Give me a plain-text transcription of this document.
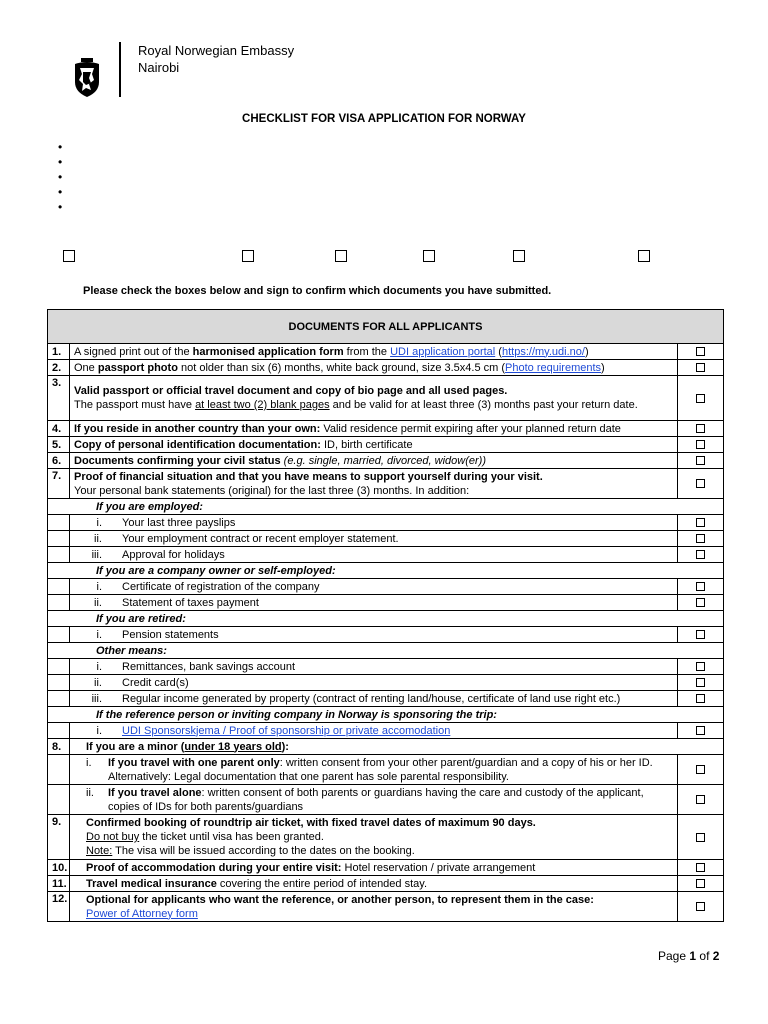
Royal Norwegian Embassy
Nairobi
CHECKLIST FOR VISA APPLICATION FOR NORWAY
•
•
•
•
•
Please check the boxes below and sign to confirm which documents you have submitted.
DOCUMENTS FOR ALL APPLICANTS		
1.	A signed print out of the harmonised application form from the UDI application portal (https://my.udi.no/)	
2.	One passport photo not older than six (6) months, white back ground, size 3.5x4.5 cm (Photo requirements)	
3.	Valid passport or official travel document and copy of bio page and all used pages.
The passport must have at least two (2) blank pages and be valid for at least three (3) months past your return date.	
4.	If you reside in another country than your own: Valid residence permit expiring after your planned return date	
5.	Copy of personal identification documentation: ID, birth certificate	
6.	Documents confirming your civil status (e.g. single, married, divorced, widow(er))	
7.	Proof of financial situation and that you have means to support yourself during your visit.
Your personal bank statements (original) for the last three (3) months. In addition:	
If you are employed:		
	i. Your last three payslips	
	ii. Your employment contract or recent employer statement.	
	iii. Approval for holidays	
If you are a company owner or self-employed:		
	i. Certificate of registration of the company	
	ii. Statement of taxes payment	
If you are retired:		
	i. Pension statements	
Other means:		
	i. Remittances, bank savings account	
	ii. Credit card(s)	
	iii. Regular income generated by property (contract of renting land/house, certificate of land use right etc.)	
If the reference person or inviting company in Norway is sponsoring the trip:		
	i. UDI Sponsorskjema / Proof of sponsorship or private accomodation	
8.	If you are a minor (under 18 years old):	
	i. If you travel with one parent only: written consent from your other parent/guardian and a copy of his or her ID. Alternatively: Legal documentation that one parent has sole parental responsibility.	
	ii. If you travel alone: written consent of both parents or guardians having the care and custody of the applicant, copies of IDs for both parents/guardians	
9.	Confirmed booking of roundtrip air ticket, with fixed travel dates of maximum 90 days.
Do not buy the ticket until visa has been granted.
Note: The visa will be issued according to the dates on the booking.	
10.	Proof of accommodation during your entire visit: Hotel reservation / private arrangement	
11.	Travel medical insurance covering the entire period of intended stay.	
12.	Optional for applicants who want the reference, or another person, to represent them in the case:
Power of Attorney form	
Page 1 of 2
